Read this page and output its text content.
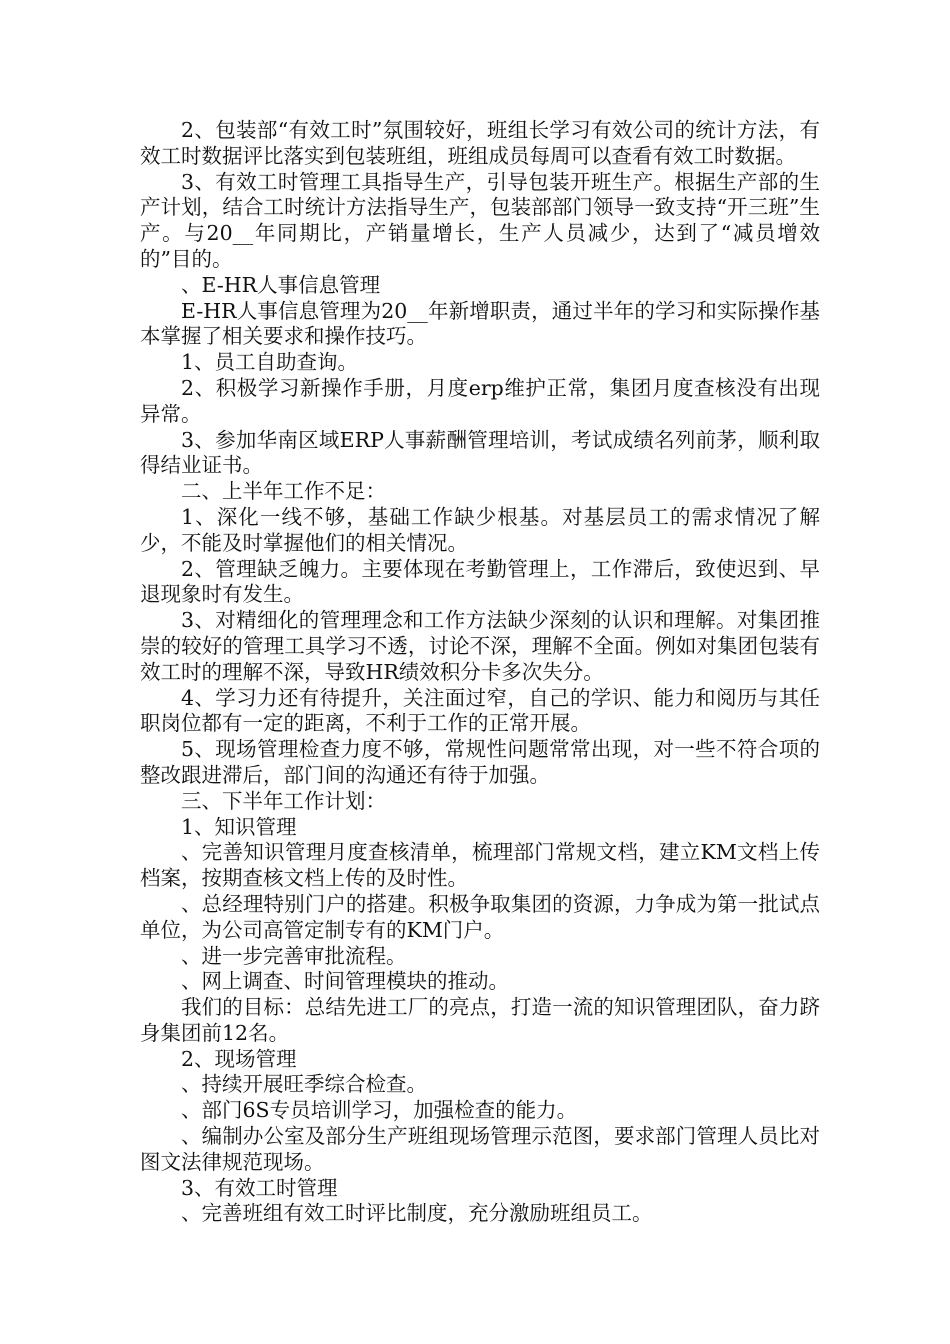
2、包装部“有效工时”氛围较好，班组长学习有效公司的统计方法，有效工时数据评比落实到包装班组，班组成员每周可以查看有效工时数据。

3、有效工时管理工具指导生产，引导包装开班生产。根据生产部的生产计划，结合工时统计方法指导生产，包装部部门领导一致支持“开三班”生产。与20__年同期比，产销量增长，生产人员减少，达到了“减员增效的”目的。

、E-HR人事信息管理

E-HR人事信息管理为20__年新增职责，通过半年的学习和实际操作基本掌握了相关要求和操作技巧。

1、员工自助查询。

2、积极学习新操作手册，月度erp维护正常，集团月度查核没有出现异常。

3、参加华南区域ERP人事薪酬管理培训，考试成绩名列前茅，顺利取得结业证书。

二、上半年工作不足：

1、深化一线不够，基础工作缺少根基。对基层员工的需求情况了解少，不能及时掌握他们的相关情况。

2、管理缺乏魄力。主要体现在考勤管理上，工作滞后，致使迟到、早退现象时有发生。

3、对精细化的管理理念和工作方法缺少深刻的认识和理解。对集团推崇的较好的管理工具学习不透，讨论不深，理解不全面。例如对集团包装有效工时的理解不深，导致HR绩效积分卡多次失分。

4、学习力还有待提升，关注面过窄，自己的学识、能力和阅历与其任职岗位都有一定的距离，不利于工作的正常开展。

5、现场管理检查力度不够，常规性问题常常出现，对一些不符合项的整改跟进滞后，部门间的沟通还有待于加强。

三、下半年工作计划：

1、知识管理

、完善知识管理月度查核清单，梳理部门常规文档，建立KM文档上传档案，按期查核文档上传的及时性。

、总经理特别门户的搭建。积极争取集团的资源，力争成为第一批试点单位，为公司高管定制专有的KM门户。

、进一步完善审批流程。

、网上调查、时间管理模块的推动。

我们的目标：总结先进工厂的亮点，打造一流的知识管理团队，奋力跻身集团前12名。

2、现场管理

、持续开展旺季综合检查。

、部门6S专员培训学习，加强检查的能力。

、编制办公室及部分生产班组现场管理示范图，要求部门管理人员比对图文法律规范现场。

3、有效工时管理

、完善班组有效工时评比制度，充分激励班组员工。
